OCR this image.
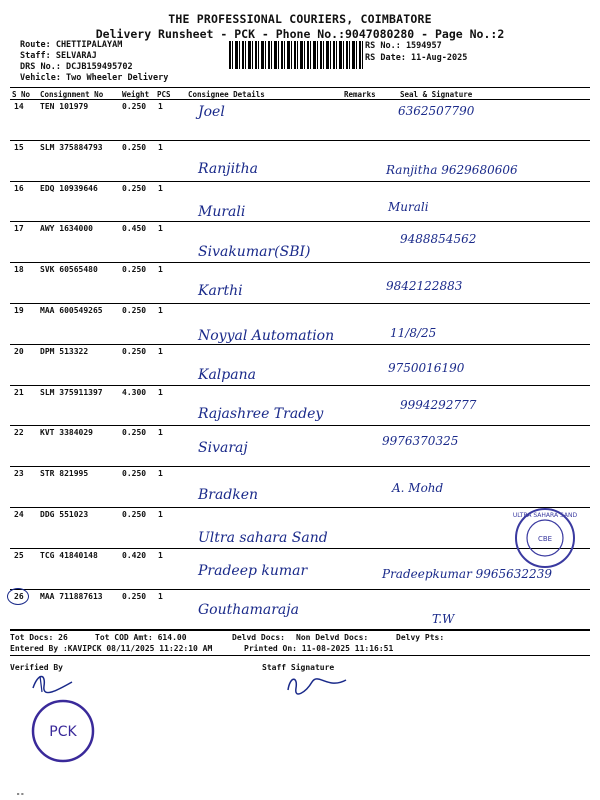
THE PROFESSIONAL COURIERS, COIMBATORE
Delivery Runsheet - PCK - Phone No.:9047080280 - Page No.:2
Route: CHETTIPALAYAM
Staff: SELVARAJ
DRS No.: DCJB159495702
Vehicle: Two Wheeler Delivery
RS No.: 1594957
RS Date: 11-Aug-2025
S No Consignment No	Weight PCS Consignee Details	Remarks	Seal & Signature
14 TEN 101979	0.250 1	Joel	6362507790
15 SLM 375884793 0.250 1
Ranjitha	Ranjitha 9629680606
16 EDQ 10939646	0.250 1
Murali	Murali
17 AWY 1634000	0.450 1
Sivakumar(SBI)
9488854562
18 SVK 60565480	0.250 1
Karthi	9842122883
19 MAA 600549265 0.250 1
Noyyal Automation	11/8/25
20 DPM 513322	0.250 1
Kalpana	9750016190
21 SLM 375911397 4.300 1
Rajashree Tradey
9994292777
22 KVT 3384029	0.250 1
Sivaraj	9976370325
23 STR 821995	0.250 1
Bradken	A. Mohd
24 DDG 551023	0.250 1
Ultra sahara Sand
25 TCG 41840148	0.420 1
Pradeep kumar	Pradeepkumar 9965632239
26 MAA 711887613 0.250 1
Gouthamaraja
T.W
Tot Docs: 26	Tot COD Amt: 614.00	Delvd Docs: Non Delvd Docs:	Delvy Pts:
Entered By :KAVIPCK 08/11/2025 11:22:10 AM	Printed On: 11-08-2025 11:16:51
Verified By	Staff Signature
PCK
ULTRA SAHARA SAND
CBE
--
